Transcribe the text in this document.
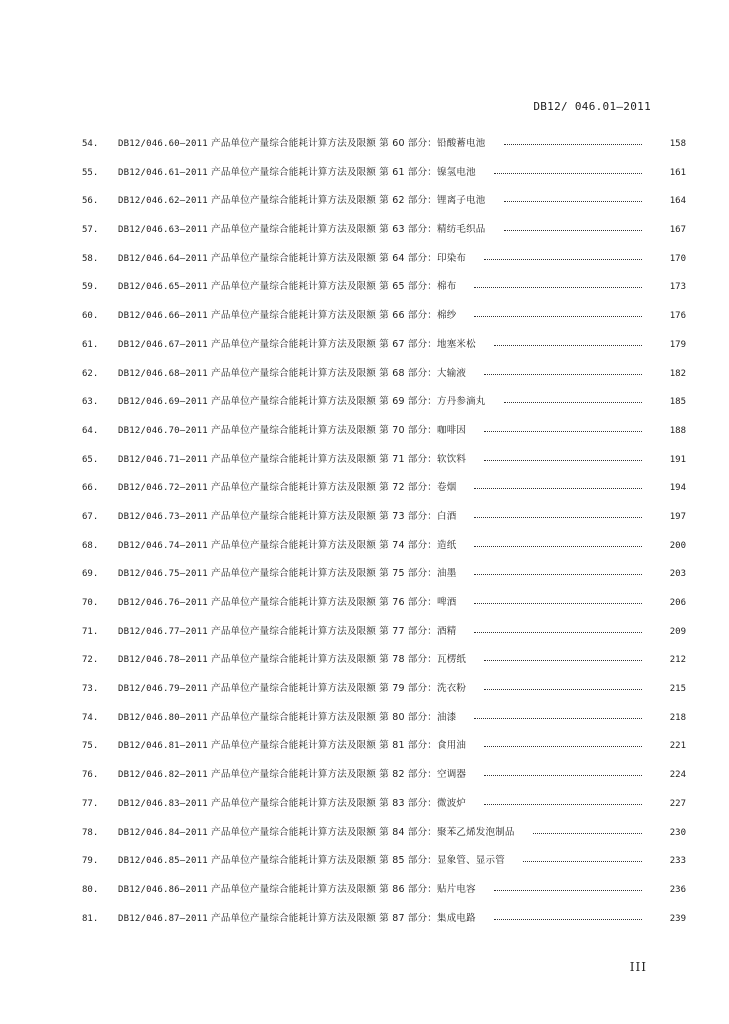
DB12/ 046.01—2011
54.	DB12/046.60—2011 产品单位产量综合能耗计算方法及限额 第 60 部分：铅酸蓄电池	158
55.	DB12/046.61—2011 产品单位产量综合能耗计算方法及限额 第 61 部分：镍氢电池	161
56.	DB12/046.62—2011 产品单位产量综合能耗计算方法及限额 第 62 部分：锂离子电池	164
57.	DB12/046.63—2011 产品单位产量综合能耗计算方法及限额 第 63 部分：精纺毛织品	167
58.	DB12/046.64—2011 产品单位产量综合能耗计算方法及限额 第 64 部分：印染布	170
59.	DB12/046.65—2011 产品单位产量综合能耗计算方法及限额 第 65 部分：棉布	173
60.	DB12/046.66—2011 产品单位产量综合能耗计算方法及限额 第 66 部分：棉纱	176
61.	DB12/046.67—2011 产品单位产量综合能耗计算方法及限额 第 67 部分：地塞米松	179
62.	DB12/046.68—2011 产品单位产量综合能耗计算方法及限额 第 68 部分：大输液	182
63.	DB12/046.69—2011 产品单位产量综合能耗计算方法及限额 第 69 部分：方丹参滴丸	185
64.	DB12/046.70—2011 产品单位产量综合能耗计算方法及限额 第 70 部分：咖啡因	188
65.	DB12/046.71—2011 产品单位产量综合能耗计算方法及限额 第 71 部分：软饮料	191
66.	DB12/046.72—2011 产品单位产量综合能耗计算方法及限额 第 72 部分：卷烟	194
67.	DB12/046.73—2011 产品单位产量综合能耗计算方法及限额 第 73 部分：白酒	197
68.	DB12/046.74—2011 产品单位产量综合能耗计算方法及限额 第 74 部分：造纸	200
69.	DB12/046.75—2011 产品单位产量综合能耗计算方法及限额 第 75 部分：油墨	203
70.	DB12/046.76—2011 产品单位产量综合能耗计算方法及限额 第 76 部分：啤酒	206
71.	DB12/046.77—2011 产品单位产量综合能耗计算方法及限额 第 77 部分：酒精	209
72.	DB12/046.78—2011 产品单位产量综合能耗计算方法及限额 第 78 部分：瓦楞纸	212
73.	DB12/046.79—2011 产品单位产量综合能耗计算方法及限额 第 79 部分：洗衣粉	215
74.	DB12/046.80—2011 产品单位产量综合能耗计算方法及限额 第 80 部分：油漆	218
75.	DB12/046.81—2011 产品单位产量综合能耗计算方法及限额 第 81 部分：食用油	221
76.	DB12/046.82—2011 产品单位产量综合能耗计算方法及限额 第 82 部分：空调器	224
77.	DB12/046.83—2011 产品单位产量综合能耗计算方法及限额 第 83 部分：微波炉	227
78.	DB12/046.84—2011 产品单位产量综合能耗计算方法及限额 第 84 部分：聚苯乙烯发泡制品	230
79.	DB12/046.85—2011 产品单位产量综合能耗计算方法及限额 第 85 部分：显象管、显示管	233
80.	DB12/046.86—2011 产品单位产量综合能耗计算方法及限额 第 86 部分：贴片电容	236
81.	DB12/046.87—2011 产品单位产量综合能耗计算方法及限额 第 87 部分：集成电路	239
III
